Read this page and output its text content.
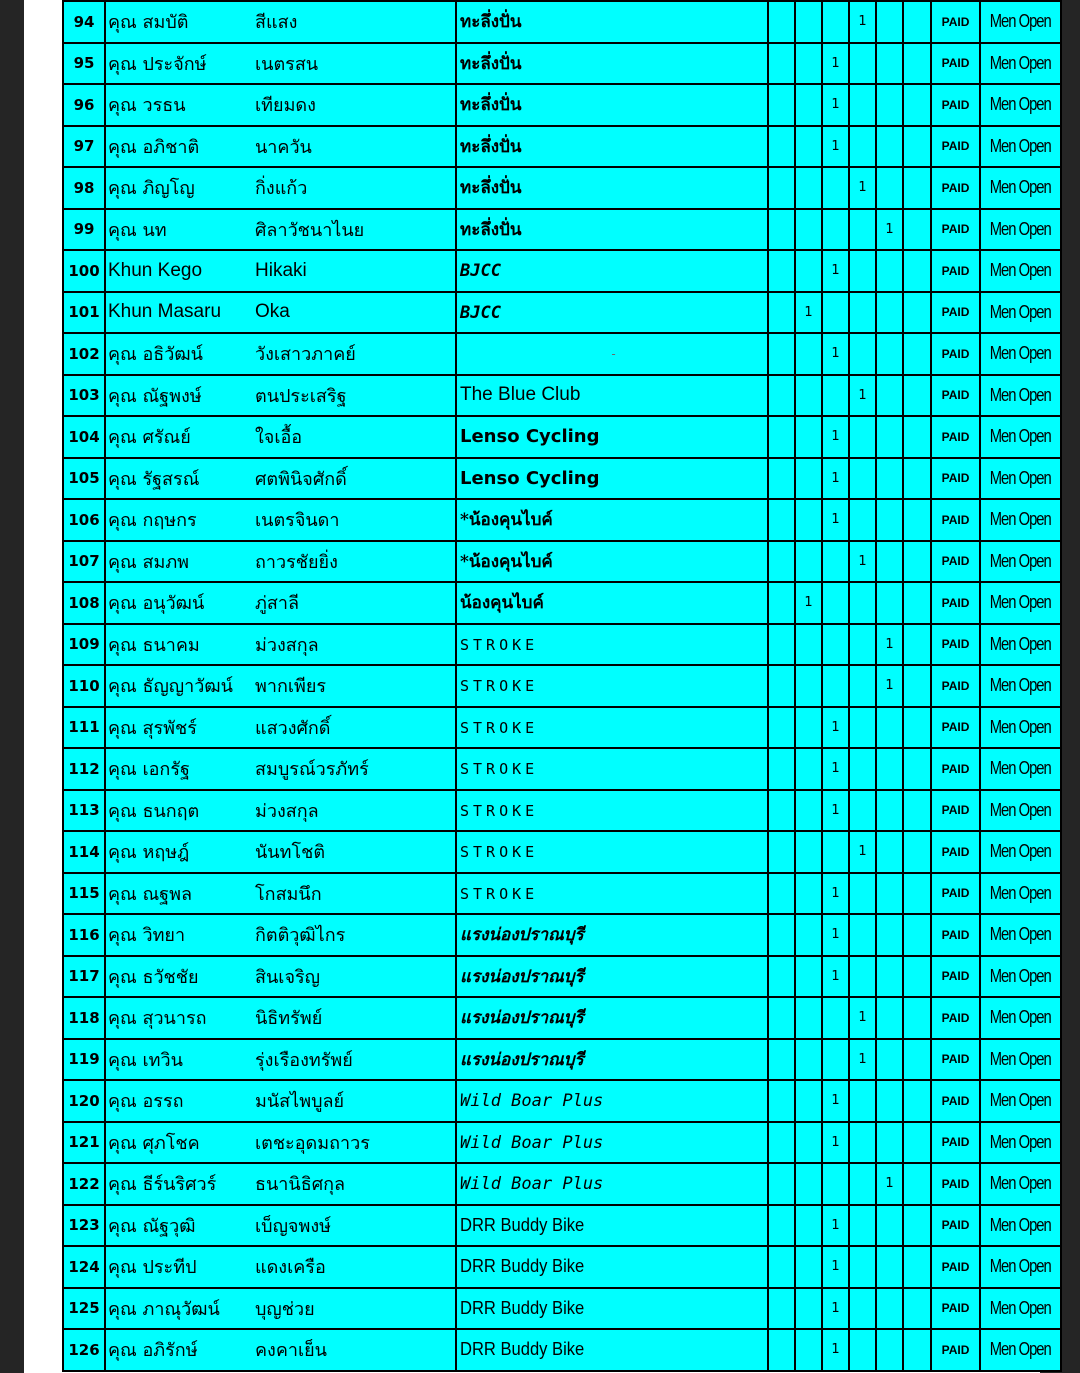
94	คุณ สมบัติ	สีแสง	ทะลึ่งปั่น				1			PAID	Men Open
95	คุณ ประจักษ์	เนตรสน	ทะลึ่งปั่น			1				PAID	Men Open
96	คุณ วรธน	เทียมดง	ทะลึ่งปั่น			1				PAID	Men Open
97	คุณ อภิชาติ	นาควัน	ทะลึ่งปั่น			1				PAID	Men Open
98	คุณ ภิญโญ	กิ่งแก้ว	ทะลึ่งปั่น				1			PAID	Men Open
99	คุณ นท	ศิลาวัชนาไนย	ทะลึ่งปั่น					1		PAID	Men Open
100	Khun Kego	Hikaki	BJCC			1				PAID	Men Open
101	Khun Masaru	Oka	BJCC		1					PAID	Men Open
102	คุณ อธิวัฒน์	วังเสาวภาคย์	-			1				PAID	Men Open
103	คุณ ณัฐพงษ์	ตนประเสริฐ	The Blue Club				1			PAID	Men Open
104	คุณ ศรัณย์	ใจเอื้อ	Lenso Cycling			1				PAID	Men Open
105	คุณ รัฐสรณ์	ศตพินิจศักดิ์	Lenso Cycling			1				PAID	Men Open
106	คุณ กฤษกร	เนตรจินดา	*น้องคุนไบค์			1				PAID	Men Open
107	คุณ สมภพ	ถาวรชัยยิ่ง	*น้องคุนไบค์				1			PAID	Men Open
108	คุณ อนุวัฒน์	ภู่สาลี	น้องคุนไบค์		1					PAID	Men Open
109	คุณ ธนาคม	ม่วงสกุล	STROKE					1		PAID	Men Open
110	คุณ ธัญญาวัฒน์	พากเพียร	STROKE					1		PAID	Men Open
111	คุณ สุรพัชร์	แสวงศักดิ์	STROKE			1				PAID	Men Open
112	คุณ เอกรัฐ	สมบูรณ์วรภัทร์	STROKE			1				PAID	Men Open
113	คุณ ธนกฤต	ม่วงสกุล	STROKE			1				PAID	Men Open
114	คุณ หฤษฎ์	นันทโชติ	STROKE				1			PAID	Men Open
115	คุณ ณฐพล	โกสมนึก	STROKE			1				PAID	Men Open
116	คุณ วิทยา	กิตติวุฒิไกร	แรงน่องปราณบุรี			1				PAID	Men Open
117	คุณ ธวัชชัย	สินเจริญ	แรงน่องปราณบุรี			1				PAID	Men Open
118	คุณ สุวนารถ	นิธิทรัพย์	แรงน่องปราณบุรี				1			PAID	Men Open
119	คุณ เทวิน	รุ่งเรืองทรัพย์	แรงน่องปราณบุรี				1			PAID	Men Open
120	คุณ อรรถ	มนัสไพบูลย์	Wild Boar Plus			1				PAID	Men Open
121	คุณ ศุภโชค	เตชะอุดมถาวร	Wild Boar Plus			1				PAID	Men Open
122	คุณ ธีร์นริศวร์	ธนานิธิศกุล	Wild Boar Plus					1		PAID	Men Open
123	คุณ ณัฐวุฒิ	เบ็ญจพงษ์	DRR Buddy Bike			1				PAID	Men Open
124	คุณ ประทีป	แดงเครือ	DRR Buddy Bike			1				PAID	Men Open
125	คุณ ภาณุวัฒน์	บุญช่วย	DRR Buddy Bike			1				PAID	Men Open
126	คุณ อภิรักษ์	คงคาเย็น	DRR Buddy Bike			1				PAID	Men Open
